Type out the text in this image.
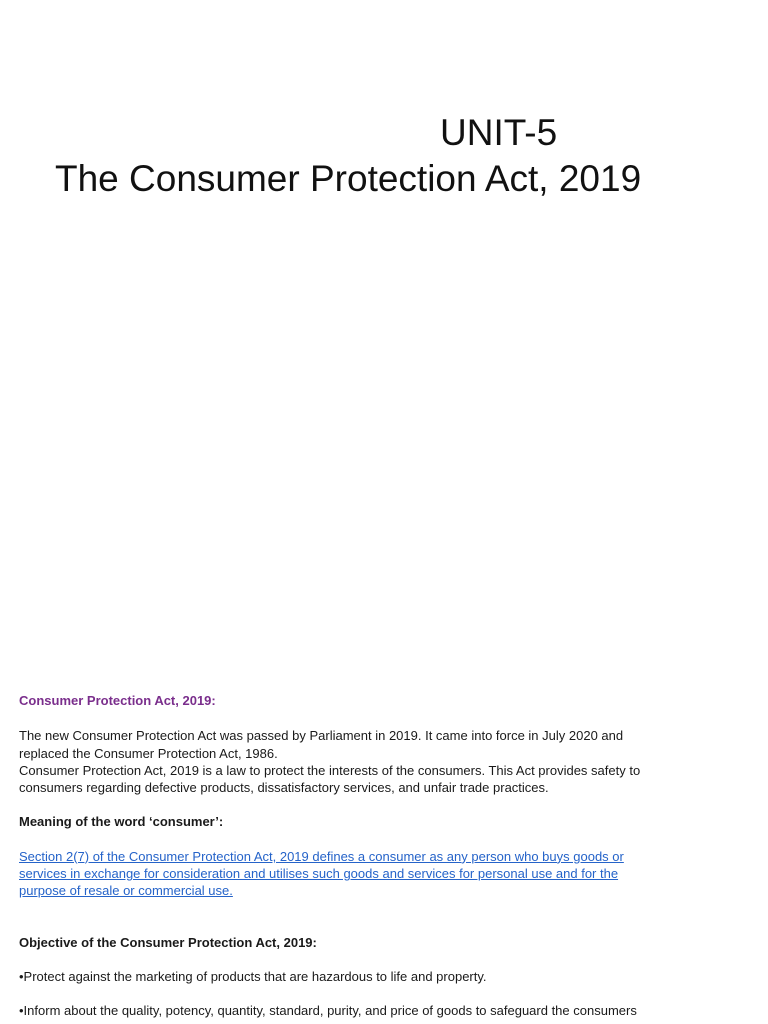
UNIT-5
The Consumer Protection Act, 2019

Consumer Protection Act, 2019:

The new Consumer Protection Act was passed by Parliament in 2019. It came into force in July 2020 and

replaced the Consumer Protection Act, 1986.

Consumer Protection Act, 2019 is a law to protect the interests of the consumers. This Act provides safety to

consumers regarding defective products, dissatisfactory services, and unfair trade practices.

Meaning of the word ‘consumer’:

Section 2(7) of the Consumer Protection Act, 2019 defines a consumer as any person who buys goods or

services in exchange for consideration and utilises such goods and services for personal use and for the

purpose of resale or commercial use.

Objective of the Consumer Protection Act, 2019:

•Protect against the marketing of products that are hazardous to life and property.

•Inform about the quality, potency, quantity, standard, purity, and price of goods to safeguard the consumers
